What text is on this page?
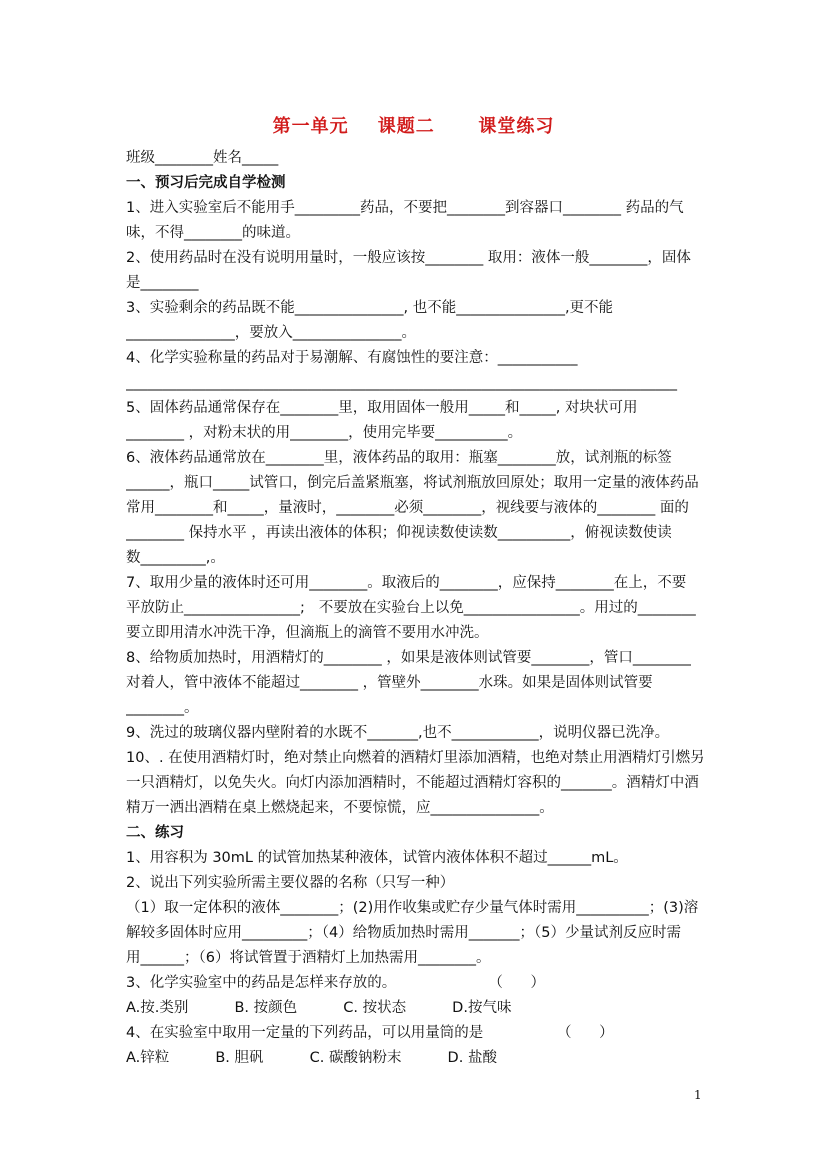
第一单元    课题二      课堂练习
班级________姓名_____
一、预习后完成自学检测
1、进入实验室后不能用手_________药品，不要把________到容器口________ 药品的气
味，不得________的味道。
2、使用药品时在没有说明用量时，一般应该按________ 取用：液体一般________，固体
是________
3、实验剩余的药品既不能_______________, 也不能_______________,更不能
_______________，要放入_______________。
4、化学实验称量的药品对于易潮解、有腐蚀性的要注意：___________
____________________________________________________________________________
5、固体药品通常保存在________里，取用固体一般用_____和_____, 对块状可用
________ ，对粉末状的用________，使用完毕要__________。
6、液体药品通常放在________里，液体药品的取用：瓶塞________放，试剂瓶的标签
______，瓶口_____试管口，倒完后盖紧瓶塞，将试剂瓶放回原处；取用一定量的液体药品
常用________和_____，量液时，________必须________，视线要与液体的________ 面的
________ 保持水平 ，再读出液体的体积；仰视读数使读数__________，俯视读数使读
数_________,。
7、取用少量的液体时还可用________。取液后的________，应保持________在上，不要
平放防止________________;   不要放在实验台上以免________________。用过的________
要立即用清水冲洗干净，但滴瓶上的滴管不要用水冲洗。
8、给物质加热时，用酒精灯的________ ，如果是液体则试管要________，管口________
对着人，管中液体不能超过________ ，管壁外________水珠。如果是固体则试管要
________。
9、洗过的玻璃仪器内壁附着的水既不_______,也不____________，说明仪器已洗净。
10、. 在使用酒精灯时，绝对禁止向燃着的酒精灯里添加酒精，也绝对禁止用酒精灯引燃另
一只酒精灯，以免失火。向灯内添加酒精时，不能超过酒精灯容积的_______。酒精灯中酒
精万一洒出酒精在桌上燃烧起来，不要惊慌，应_______________。
二、练习
1、用容积为 30mL 的试管加热某种液体，试管内液体体积不超过______mL。
2、说出下列实验所需主要仪器的名称（只写一种）
（1）取一定体积的液体________；(2)用作收集或贮存少量气体时需用__________；(3)溶
解较多固体时应用_________；（4）给物质加热时需用_______；（5）少量试剂反应时需
用______；（6）将试管置于酒精灯上加热需用________。
3、化学实验室中的药品是怎样来存放的。                    （      ）
A.按.类别          B. 按颜色          C. 按状态          D.按气味
4、在实验室中取用一定量的下列药品，可以用量筒的是                （      ）
A.锌粒          B. 胆矾          C. 碳酸钠粉末          D. 盐酸
1
